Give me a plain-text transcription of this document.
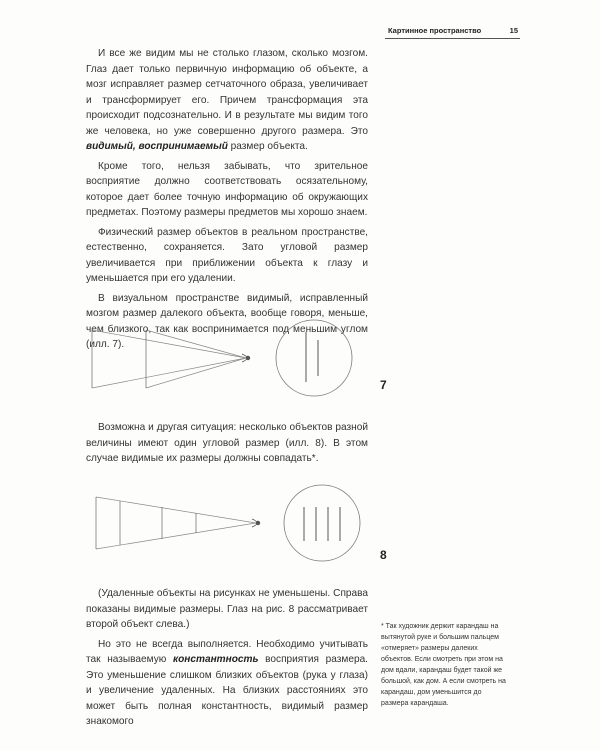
Картинное пространство	15

И все же видим мы не столько глазом, сколько мозгом. Глаз дает только первичную информацию об объекте, а мозг исправляет размер сетчаточного образа, увеличивает и трансформирует его. Причем трансформация эта происходит подсознательно. И в результате мы видим того же человека, но уже совершенно другого размера. Это видимый, воспринимаемый размер объекта.

Кроме того, нельзя забывать, что зрительное восприятие должно соответствовать осязательному, которое дает более точную информацию об окружающих предметах. Поэтому размеры предметов мы хорошо знаем.

Физический размер объектов в реальном пространстве, естественно, сохраняется. Зато угловой размер увеличивается при приближении объекта к глазу и уменьшается при его удалении.

В визуальном пространстве видимый, исправленный мозгом размер далекого объекта, вообще говоря, меньше, чем близкого, так как воспринимается под меньшим углом (илл. 7).

7

Возможна и другая ситуация: несколько объектов разной величины имеют один угловой размер (илл. 8). В этом случае видимые их размеры должны совпадать*.

8

(Удаленные объекты на рисунках не уменьшены. Справа показаны видимые размеры. Глаз на рис. 8 рассматривает второй объект слева.)

Но это не всегда выполняется. Необходимо учитывать так называемую константность восприятия размера. Это уменьшение слишком близких объектов (рука у глаза) и увеличение удаленных. На близких расстояниях это может быть полная константность, видимый размер знакомого

* Так художник держит карандаш на вытянутой руке и большим пальцем «отмеряет» размеры далеких объектов. Если смотреть при этом на дом вдали, карандаш будет такой же большой, как дом. А если смотреть на карандаш, дом уменьшится до размера карандаша.
